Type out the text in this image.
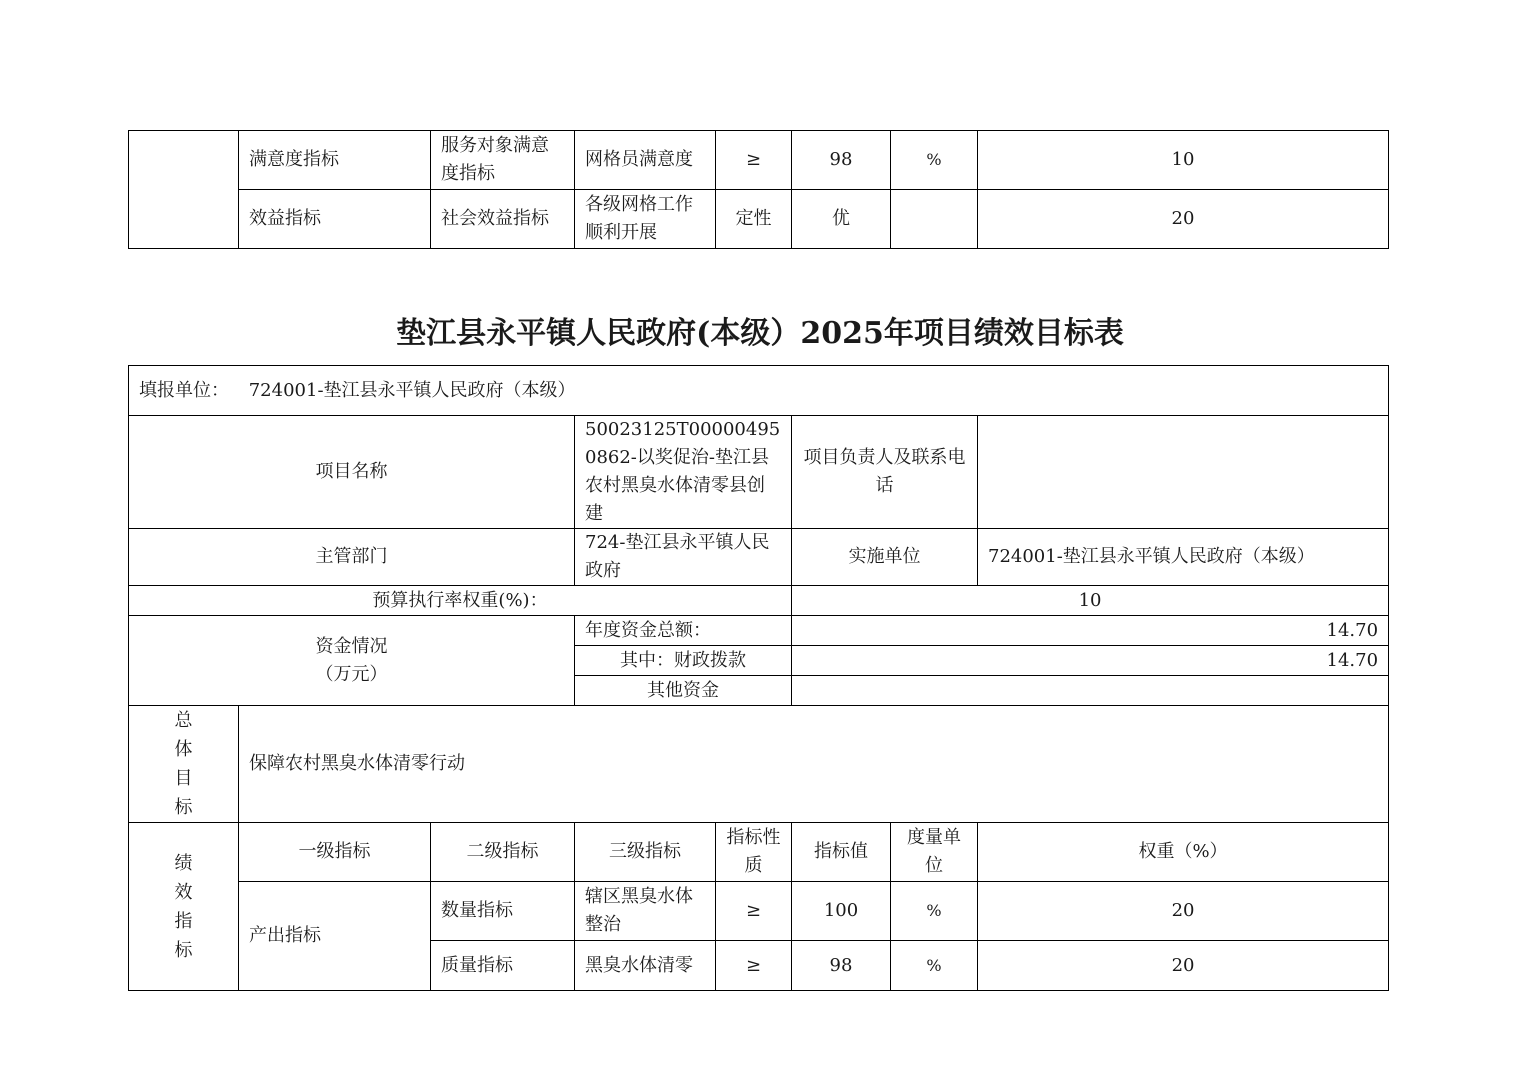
	满意度指标	服务对象满意度指标	网格员满意度	≥	98	%	10
	效益指标	社会效益指标	各级网格工作顺利开展	定性	优		20
垫江县永平镇人民政府(本级）2025年项目绩效目标表
填报单位： 724001-垫江县永平镇人民政府（本级）							
项目名称			50023125T000004950862-以奖促治-垫江县农村黑臭水体清零县创建		项目负责人及联系电话		
主管部门			724-垫江县永平镇人民政府		实施单位		724001-垫江县永平镇人民政府（本级）
预算执行率权重(%)：					10		

资金情况
（万元）			年度资金总额：		14.70		
			其中：财政拨款		14.70		
			其他资金				

总
体
目
标	保障农村黑臭水体清零行动						

绩
效
指
标	一级指标	二级指标	三级指标	指标性质	指标值	度量单位	权重（%）
	产出指标	数量指标	辖区黑臭水体整治	≥	100	%	20
		质量指标	黑臭水体清零	≥	98	%	20
